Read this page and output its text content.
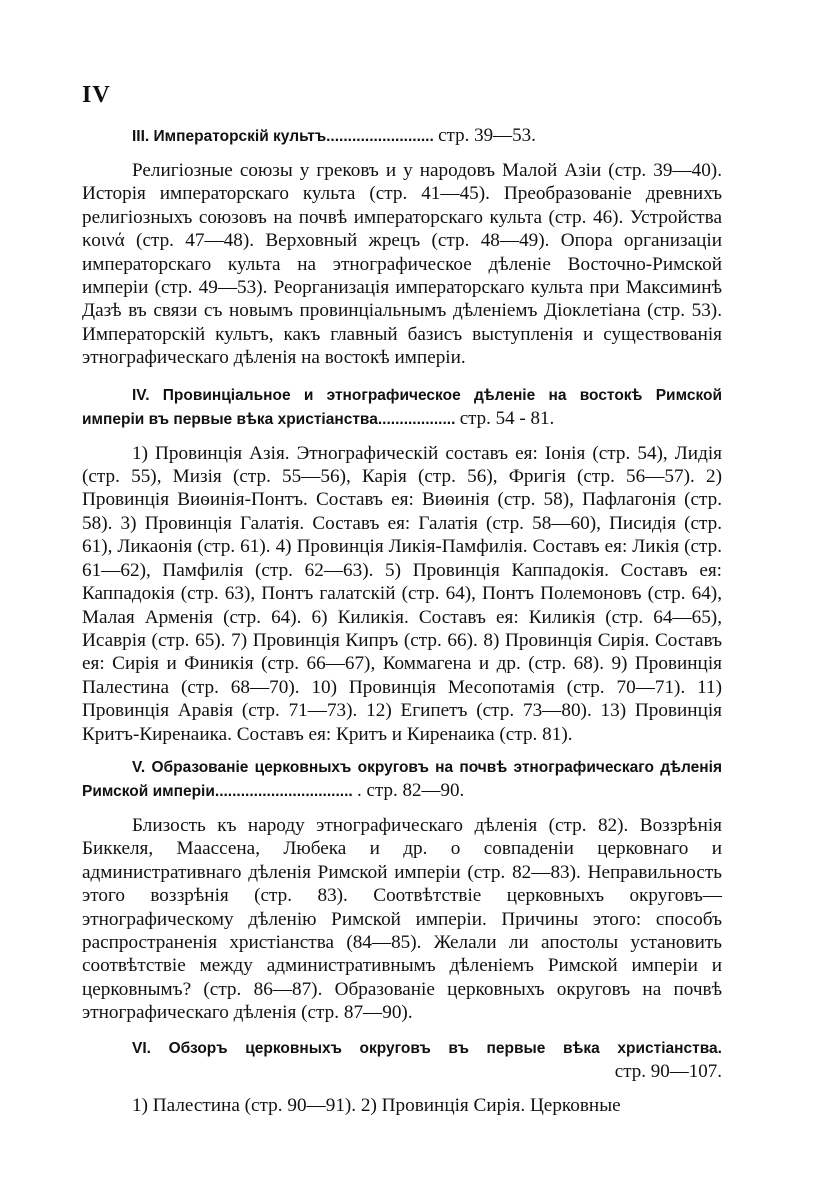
IV
III. Императорскій культъ......................... стр. 39—53.
Религіозные союзы у грековъ и у народовъ Малой Азіи (стр. 39—40). Исторія императорскаго культа (стр. 41—45). Преобразованіе древнихъ религіозныхъ союзовъ на почвѣ императорскаго культа (стр. 46). Устройства κοινά (стр. 47—48). Верховный жрецъ (стр. 48—49). Опора организаціи императорскаго культа на этнографическое дѣленіе Восточно-Римской имперіи (стр. 49—53). Реорганизація императорскаго культа при Максиминѣ Дазѣ въ связи съ новымъ провинціальнымъ дѣленіемъ Діоклетіана (стр. 53). Императорскій культъ, какъ главный базисъ выступленія и существованія этнографическаго дѣленія на востокѣ имперіи.
IV. Провинціальное и этнографическое дѣленіе на востокѣ Римской имперіи въ первые вѣка христіанства.................. стр. 54 - 81.
1) Провинція Азія. Этнографическій составъ ея: Іонія (стр. 54), Лидія (стр. 55), Мизія (стр. 55—56), Карія (стр. 56), Фригія (стр. 56—57). 2) Провинція Виѳинія-Понтъ. Составъ ея: Виѳинія (стр. 58), Пафлагонія (стр. 58). 3) Провинція Галатія. Составъ ея: Галатія (стр. 58—60), Писидія (стр. 61), Ликаонія (стр. 61). 4) Провинція Ликія-Памфилія. Составъ ея: Ликія (стр. 61—62), Памфилія (стр. 62—63). 5) Провинція Каппадокія. Составъ ея: Каппадокія (стр. 63), Понтъ галатскій (стр. 64), Понтъ Полемоновъ (стр. 64), Малая Арменія (стр. 64). 6) Киликія. Составъ ея: Киликія (стр. 64—65), Исаврія (стр. 65). 7) Провинція Кипръ (стр. 66). 8) Провинція Сирія. Составъ ея: Сирія и Финикія (стр. 66—67), Коммагена и др. (стр. 68). 9) Провинція Палестина (стр. 68—70). 10) Провинція Месопотамія (стр. 70—71). 11) Провинція Аравія (стр. 71—73). 12) Египетъ (стр. 73—80). 13) Провинція Критъ-Киренаика. Составъ ея: Критъ и Киренаика (стр. 81).
V. Образованіе церковныхъ округовъ на почвѣ этнографическаго дѣленія Римской имперіи................................ . стр. 82—90.
Близость къ народу этнографическаго дѣленія (стр. 82). Воззрѣнія Биккеля, Маассена, Любека и др. о совпаденіи церковнаго и административнаго дѣленія Римской имперіи (стр. 82—83). Неправильность этого воззрѣнія (стр. 83). Соотвѣтствіе церковныхъ округовъ—этнографическому дѣленію Римской имперіи. Причины этого: способъ распространенія христіанства (84—85). Желали ли апостолы установить соотвѣтствіе между административнымъ дѣленіемъ Римской имперіи и церковнымъ? (стр. 86—87). Образованіе церковныхъ округовъ на почвѣ этнографическаго дѣленія (стр. 87—90).
VI. Обзоръ церковныхъ округовъ въ первые вѣка христіанства.
стр. 90—107.
1) Палестина (стр. 90—91). 2) Провинція Сирія. Церковные
